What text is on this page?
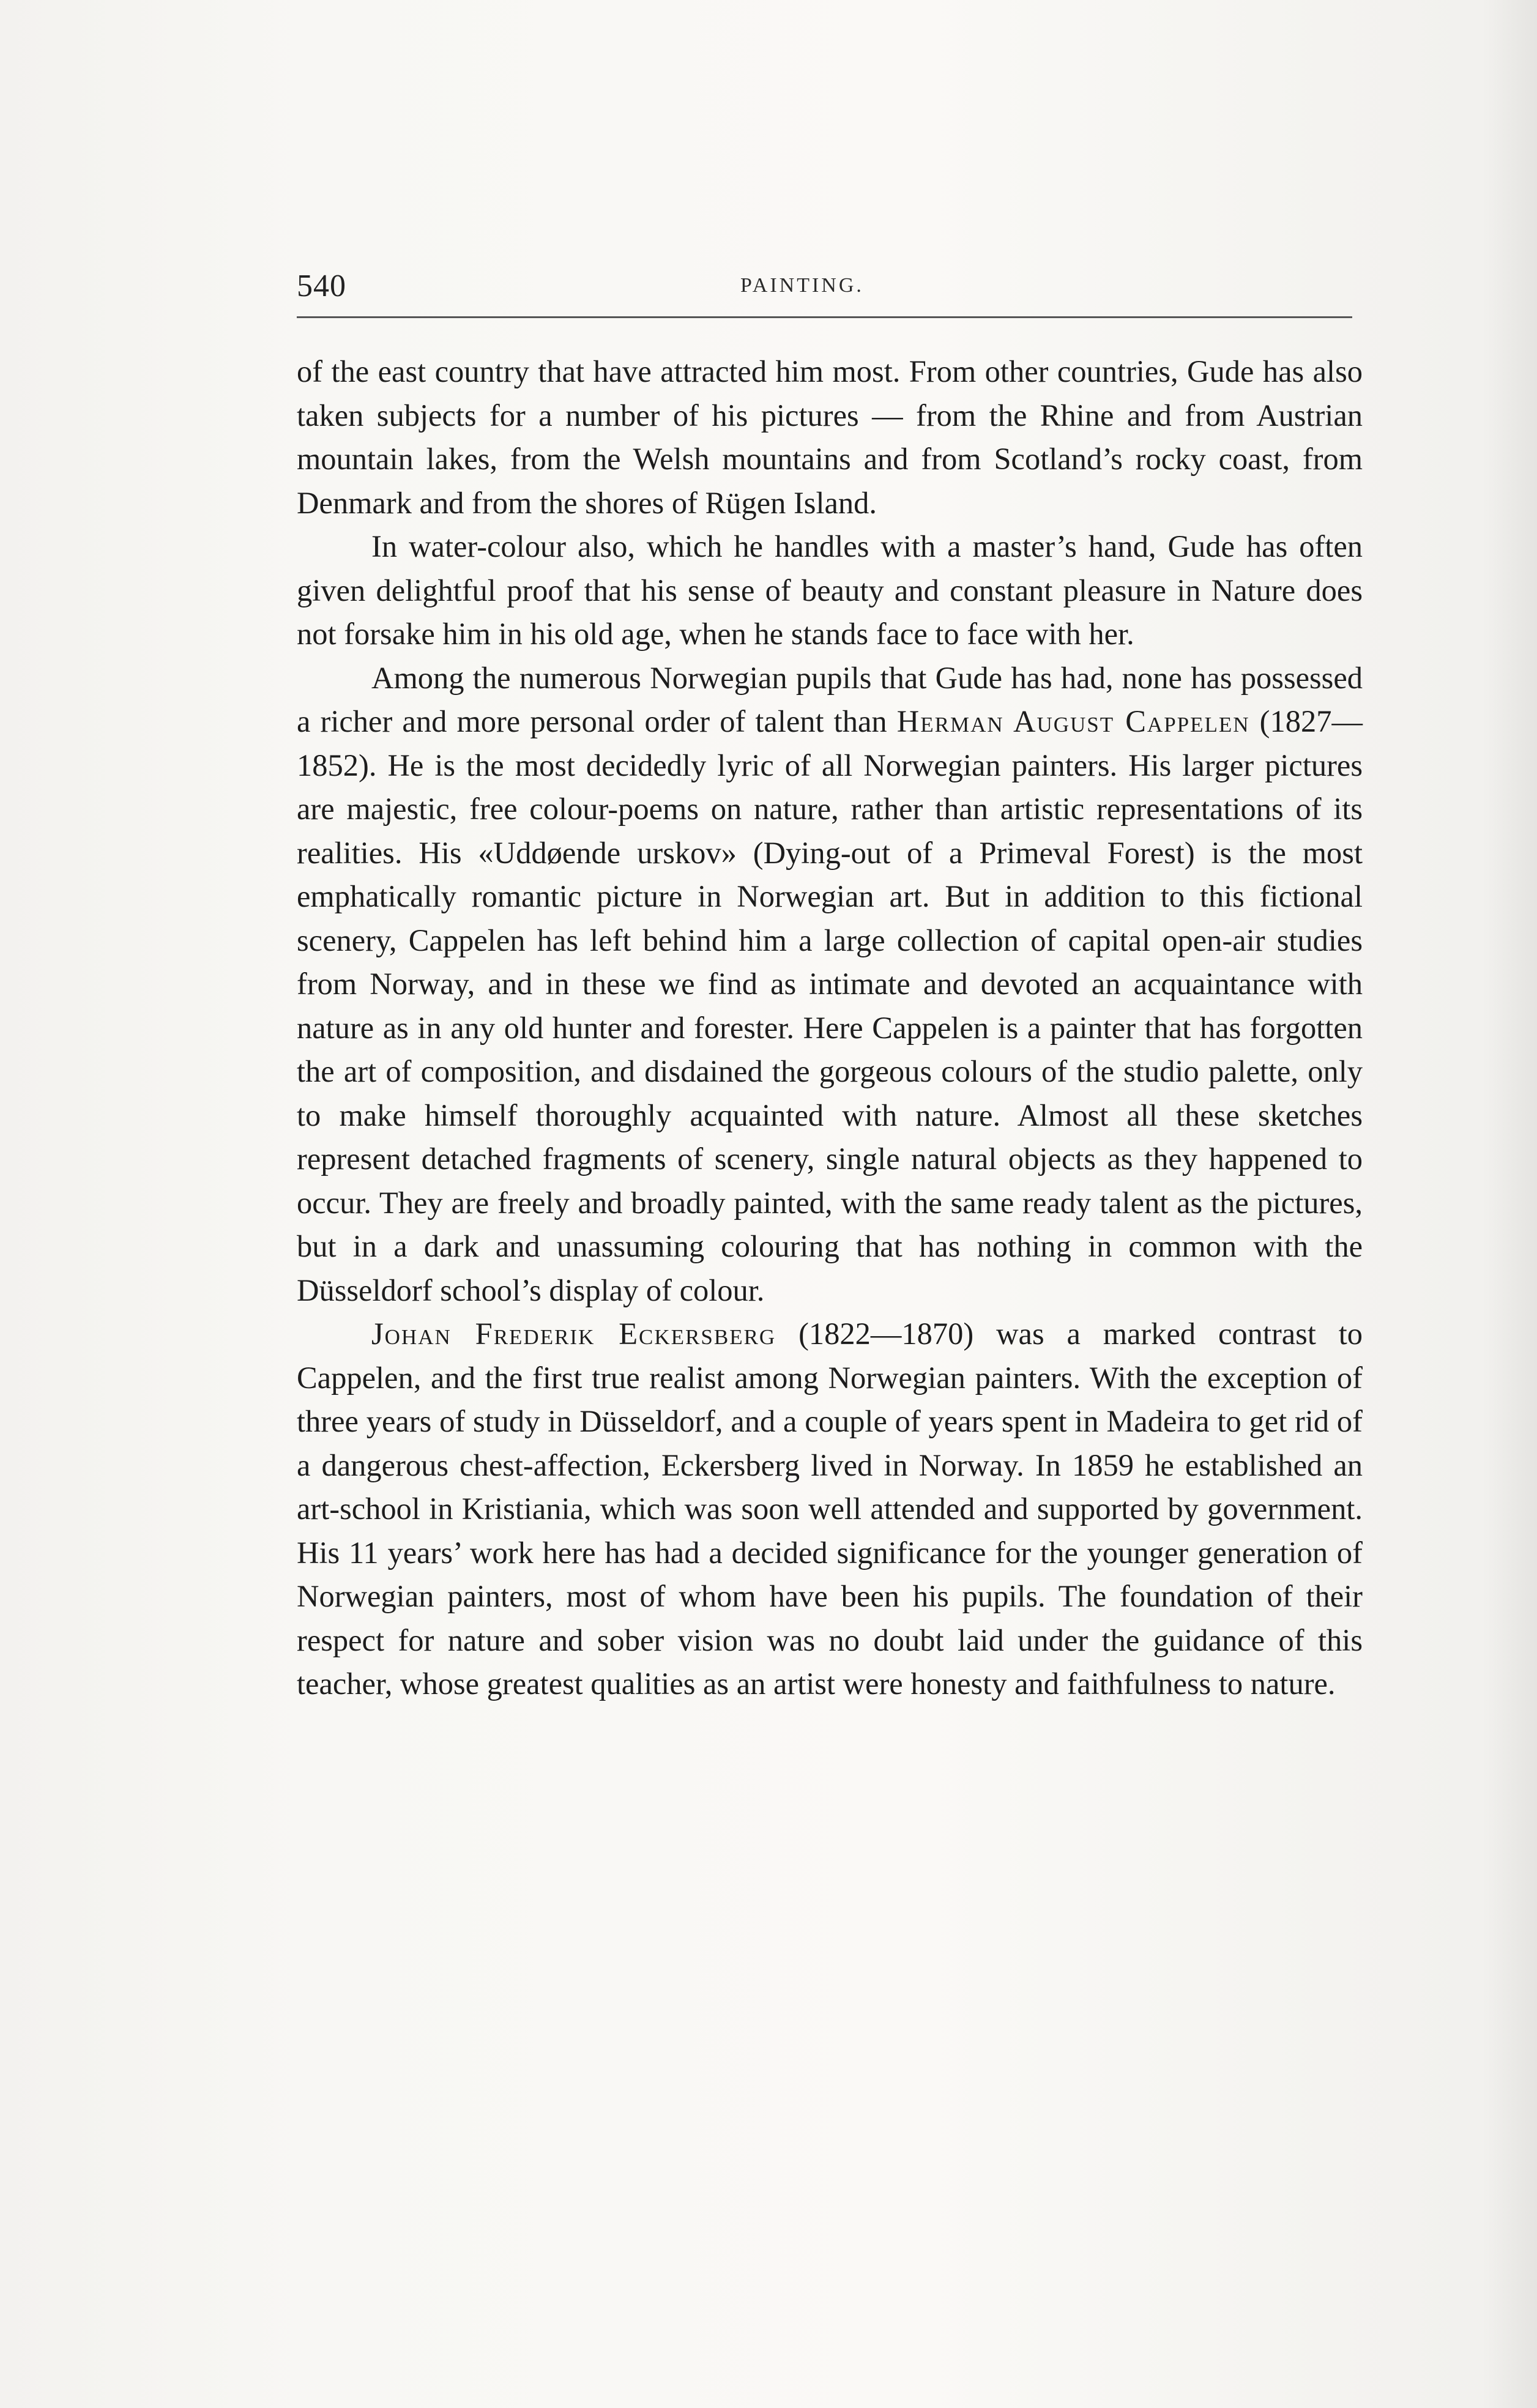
540	PAINTING.

of the east country that have attracted him most. From other countries, Gude has also taken subjects for a number of his pictures — from the Rhine and from Austrian mountain lakes, from the Welsh mountains and from Scotland’s rocky coast, from Denmark and from the shores of Rügen Island.

In water-colour also, which he handles with a master’s hand, Gude has often given delightful proof that his sense of beauty and constant pleasure in Nature does not forsake him in his old age, when he stands face to face with her.

Among the numerous Norwegian pupils that Gude has had, none has possessed a richer and more personal order of talent than Herman August Cappelen (1827—1852). He is the most decidedly lyric of all Norwegian painters. His larger pictures are majestic, free colour-poems on nature, rather than artistic representations of its realities. His «Uddøende urskov» (Dying-out of a Primeval Forest) is the most emphatically romantic picture in Norwegian art. But in addition to this fictional scenery, Cappelen has left behind him a large collection of capital open-air studies from Norway, and in these we find as intimate and devoted an acquaintance with nature as in any old hunter and forester. Here Cappelen is a painter that has forgotten the art of composition, and disdained the gorgeous colours of the studio palette, only to make himself thoroughly acquainted with nature. Almost all these sketches represent detached fragments of scenery, single natural objects as they happened to occur. They are freely and broadly painted, with the same ready talent as the pictures, but in a dark and unassuming colouring that has nothing in common with the Düsseldorf school’s display of colour.

Johan Frederik Eckersberg (1822—1870) was a marked contrast to Cappelen, and the first true realist among Norwegian painters. With the exception of three years of study in Düsseldorf, and a couple of years spent in Madeira to get rid of a dangerous chest-affection, Eckersberg lived in Norway. In 1859 he established an art-school in Kristiania, which was soon well attended and supported by government. His 11 years’ work here has had a decided significance for the younger generation of Norwegian painters, most of whom have been his pupils. The foundation of their respect for nature and sober vision was no doubt laid under the guidance of this teacher, whose greatest qualities as an artist were honesty and faithfulness to nature.
